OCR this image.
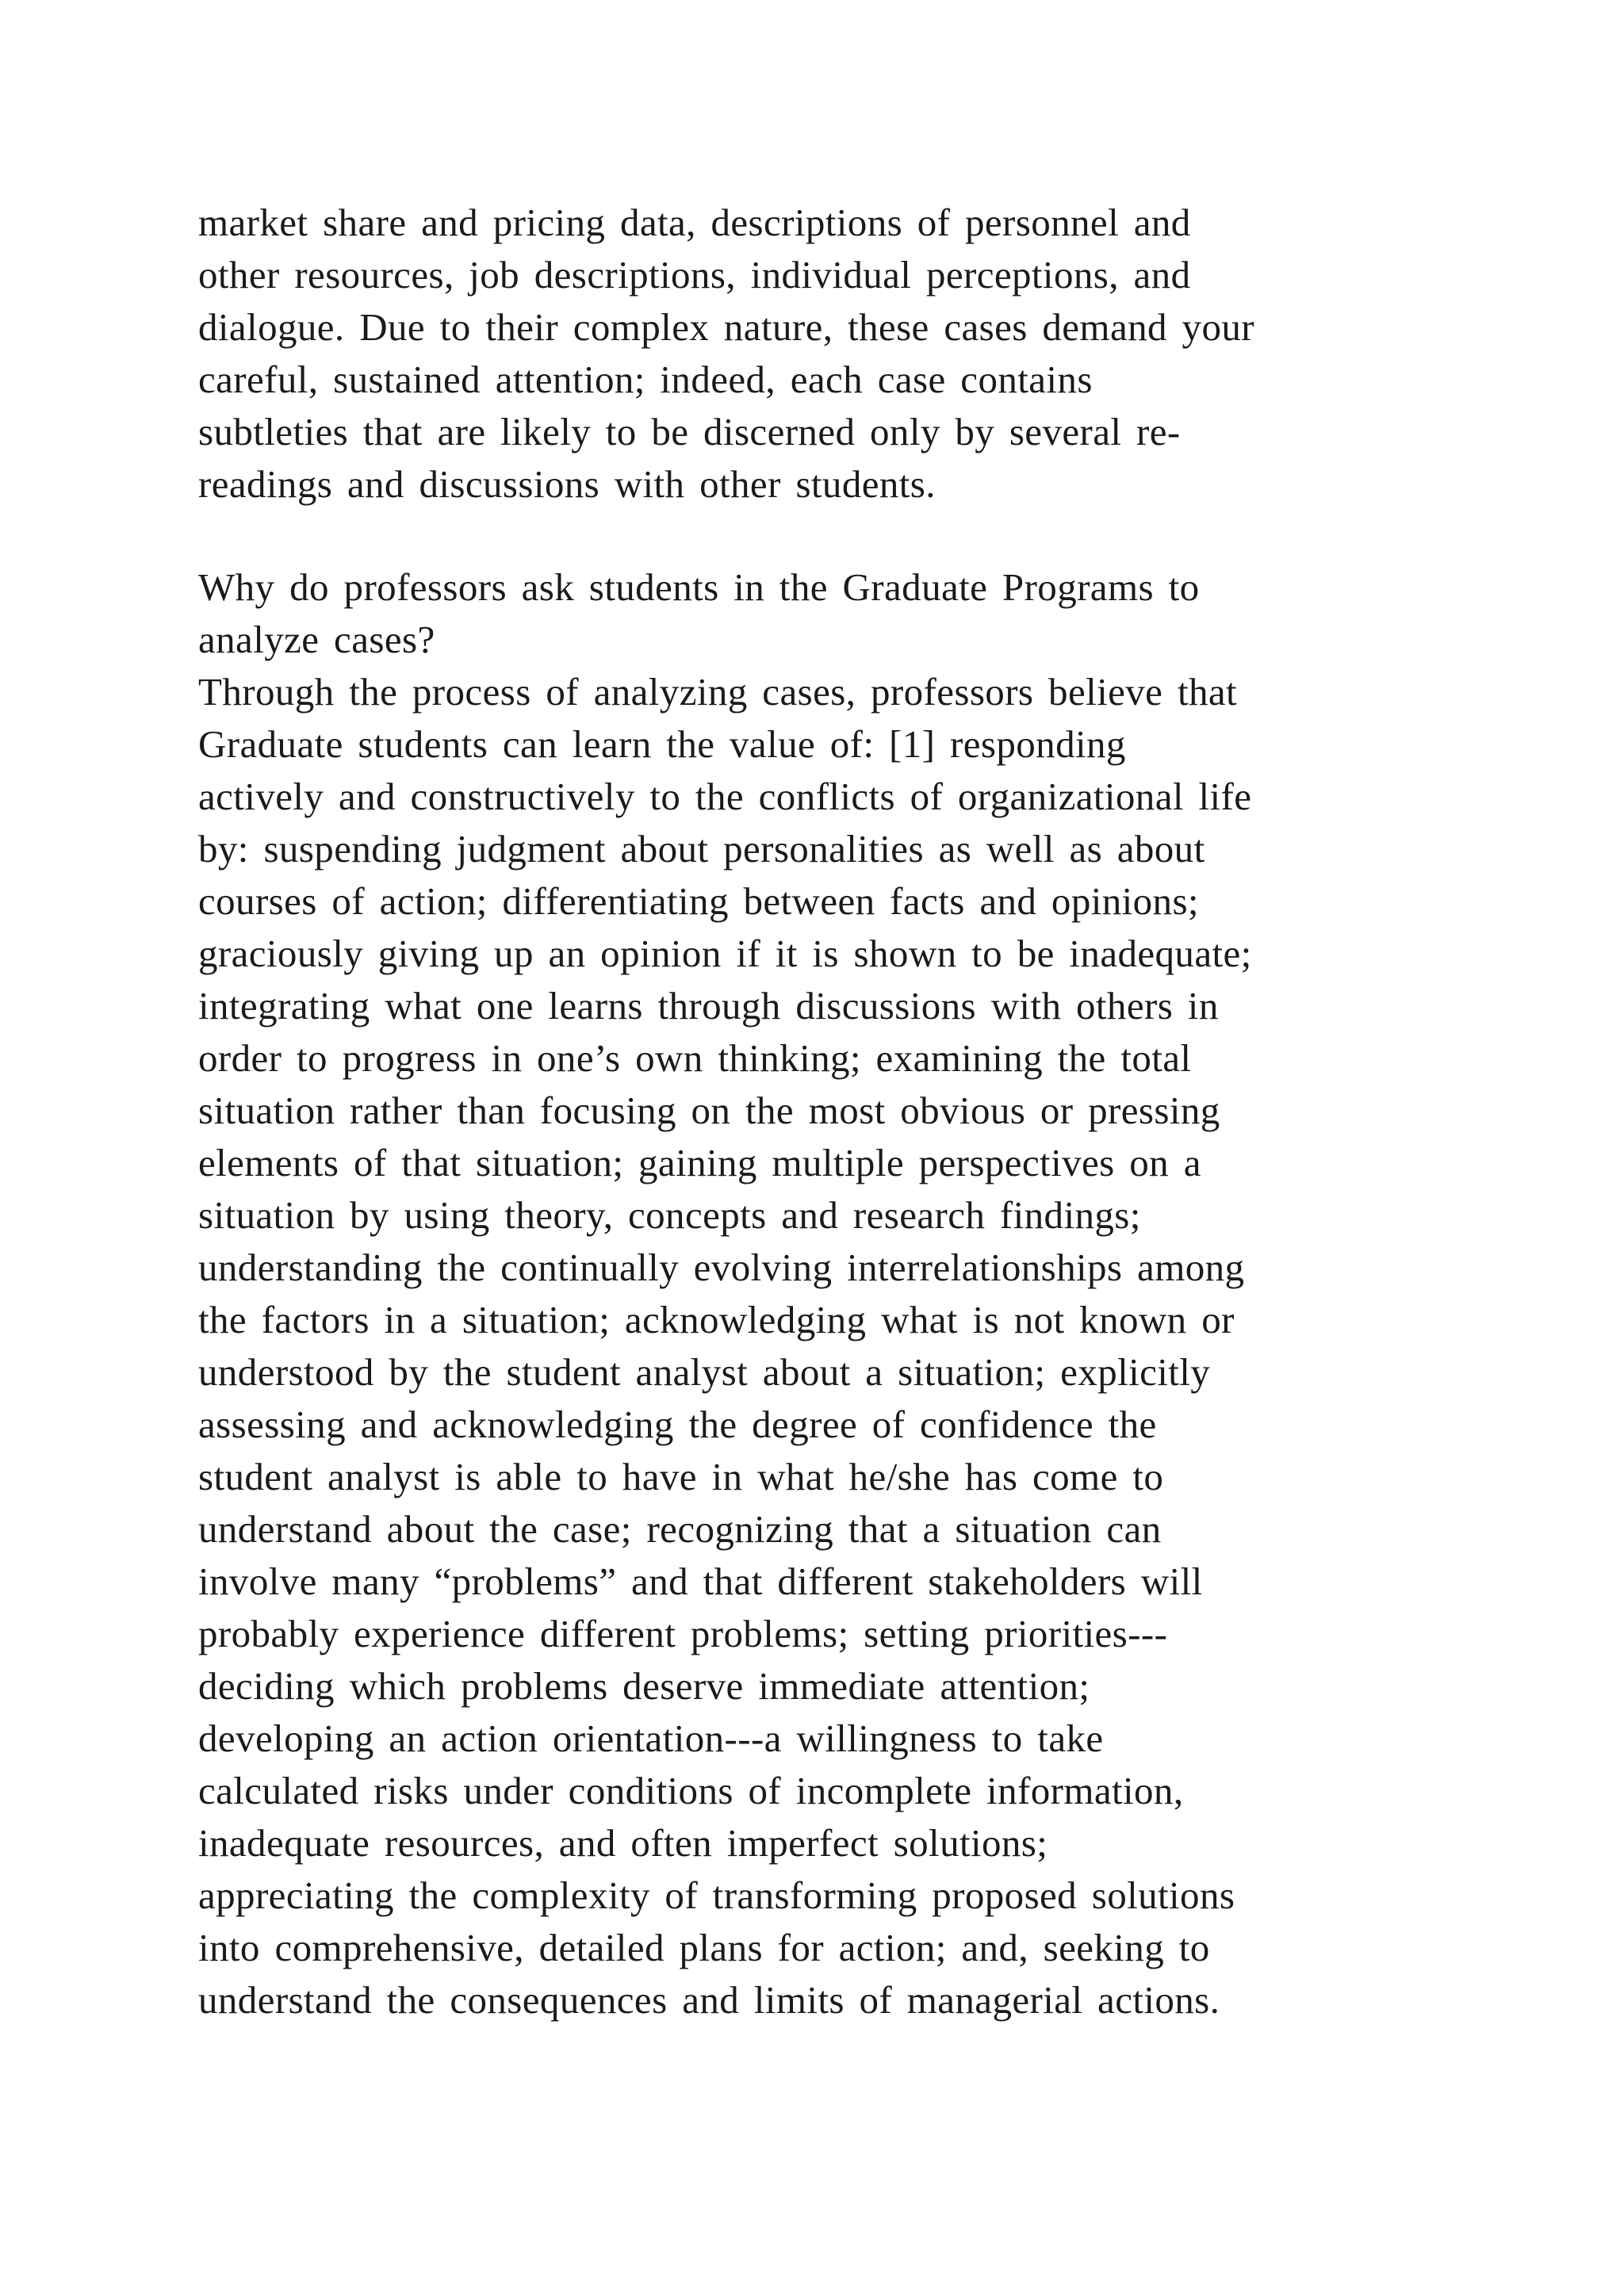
market share and pricing data, descriptions of personnel and
other resources, job descriptions, individual perceptions, and
dialogue. Due to their complex nature, these cases demand your
careful, sustained attention; indeed, each case contains
subtleties that are likely to be discerned only by several re-
readings and discussions with other students.
Why do professors ask students in the Graduate Programs to
analyze cases?
Through the process of analyzing cases, professors believe that
Graduate students can learn the value of: [1] responding
actively and constructively to the conflicts of organizational life
by: suspending judgment about personalities as well as about
courses of action; differentiating between facts and opinions;
graciously giving up an opinion if it is shown to be inadequate;
integrating what one learns through discussions with others in
order to progress in one’s own thinking; examining the total
situation rather than focusing on the most obvious or pressing
elements of that situation; gaining multiple perspectives on a
situation by using theory, concepts and research findings;
understanding the continually evolving interrelationships among
the factors in a situation; acknowledging what is not known or
understood by the student analyst about a situation; explicitly
assessing and acknowledging the degree of confidence the
student analyst is able to have in what he/she has come to
understand about the case; recognizing that a situation can
involve many “problems” and that different stakeholders will
probably experience different problems; setting priorities---
deciding which problems deserve immediate attention;
developing an action orientation---a willingness to take
calculated risks under conditions of incomplete information,
inadequate resources, and often imperfect solutions;
appreciating the complexity of transforming proposed solutions
into comprehensive, detailed plans for action; and, seeking to
understand the consequences and limits of managerial actions.
